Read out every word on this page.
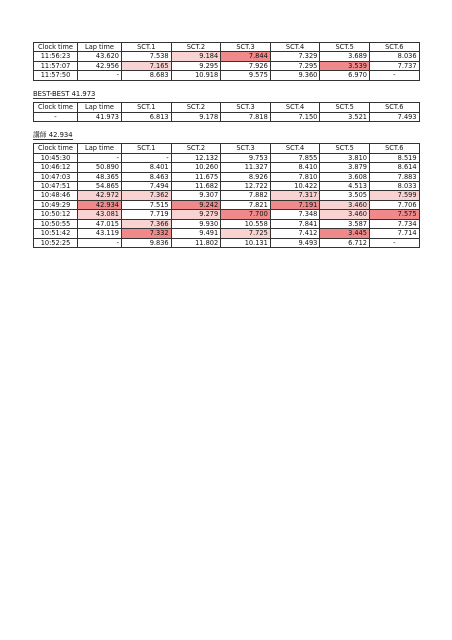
Clock time	Lap time	SCT.1	SCT.2	SCT.3	SCT.4	SCT.5	SCT.6
11:56:23	43.620	7.538	9.184	7.844	7.329	3.689	8.036
11:57:07	42.956	7.165	9.295	7.926	7.295	3.539	7.737
11:57:50	-	8.683	10.918	9.575	9.360	6.970	-
BEST-BEST 41.973
Clock time	Lap time	SCT.1	SCT.2	SCT.3	SCT.4	SCT.5	SCT.6
-	41.973	6.813	9.178	7.818	7.150	3.521	7.493
講師 42.934
Clock time	Lap time	SCT.1	SCT.2	SCT.3	SCT.4	SCT.5	SCT.6
10:45:30	-	-	12.132	9.753	7.855	3.810	8.519
10:46:12	50.890	8.401	10.260	11.327	8.410	3.879	8.614
10:47:03	48.365	8.463	11.675	8.926	7.810	3.608	7.883
10:47:51	54.865	7.494	11.682	12.722	10.422	4.513	8.033
10:48:46	42.972	7.362	9.307	7.882	7.317	3.505	7.599
10:49:29	42.934	7.515	9.242	7.821	7.191	3.460	7.706
10:50:12	43.081	7.719	9.279	7.700	7.348	3.460	7.575
10:50:55	47.015	7.366	9.930	10.558	7.841	3.587	7.734
10:51:42	43.119	7.332	9.491	7.725	7.412	3.445	7.714
10:52:25	-	9.836	11.802	10.131	9.493	6.712	-
